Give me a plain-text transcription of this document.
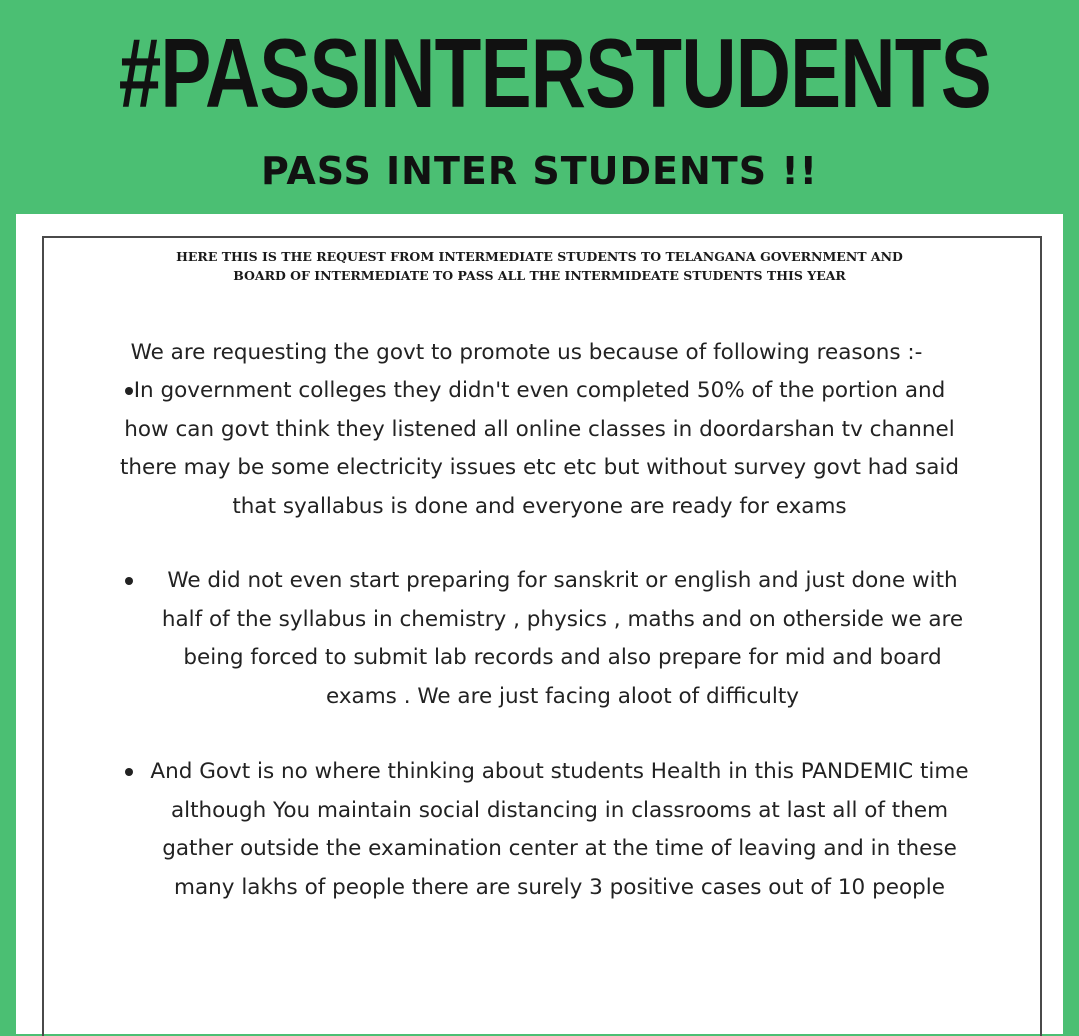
#PASSINTERSTUDENTS
PASS INTER STUDENTS !!
HERE THIS IS THE REQUEST FROM INTERMEDIATE STUDENTS TO TELANGANA GOVERNMENT AND
BOARD OF INTERMEDIATE TO PASS ALL THE INTERMIDEATE STUDENTS THIS YEAR
We are requesting the govt to promote us because of following reasons :-
In government colleges they didn't even completed 50% of the portion and
how can govt think they listened all online classes in doordarshan tv channel
there may be some electricity issues etc etc but without survey govt had said
that syallabus is done and everyone are ready for exams
We did not even start preparing for sanskrit or english and just done with
half of the syllabus in chemistry , physics , maths and on otherside we are
being forced to submit lab records and also prepare for mid and board
exams . We are just facing aloot of difficulty
And Govt is no where thinking about students Health in this PANDEMIC time
although You maintain social distancing in classrooms at last all of them
gather outside the examination center at the time of leaving and in these
many lakhs of people there are surely 3 positive cases out of 10 people
